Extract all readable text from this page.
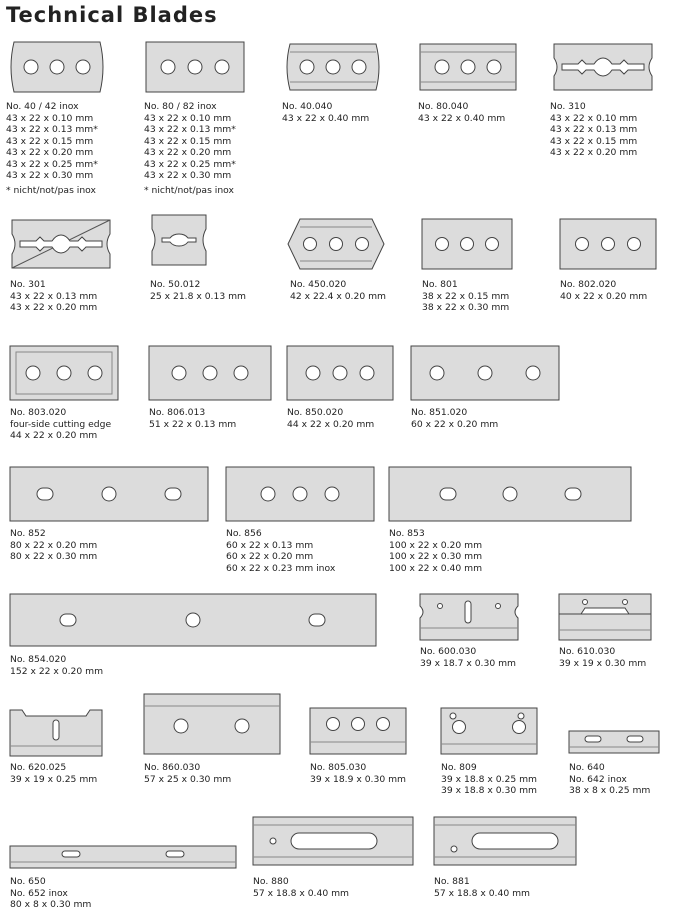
Technical Blades
No. 40 / 42 inox
43 x 22 x 0.10 mm
43 x 22 x 0.13 mm*
43 x 22 x 0.15 mm
43 x 22 x 0.20 mm
43 x 22 x 0.25 mm*
43 x 22 x 0.30 mm
* nicht/not/pas inox
No. 80 / 82 inox
43 x 22 x 0.10 mm
43 x 22 x 0.13 mm*
43 x 22 x 0.15 mm
43 x 22 x 0.20 mm
43 x 22 x 0.25 mm*
43 x 22 x 0.30 mm
* nicht/not/pas inox
No. 40.040
43 x 22 x 0.40 mm
No. 80.040
43 x 22 x 0.40 mm
No. 310
43 x 22 x 0.10 mm
43 x 22 x 0.13 mm
43 x 22 x 0.15 mm
43 x 22 x 0.20 mm
No. 301
43 x 22 x 0.13 mm
43 x 22 x 0.20 mm
No. 50.012
25 x 21.8 x 0.13 mm
No. 450.020
42 x 22.4 x 0.20 mm
No. 801
38 x 22 x 0.15 mm
38 x 22 x 0.30 mm
No. 802.020
40 x 22 x 0.20 mm
No. 803.020
four-side cutting edge
44 x 22 x 0.20 mm
No. 806.013
51 x 22 x 0.13 mm
No. 850.020
44 x 22 x 0.20 mm
No. 851.020
60 x 22 x 0.20 mm
No. 852
80 x 22 x 0.20 mm
80 x 22 x 0.30 mm
No. 856
60 x 22 x 0.13 mm
60 x 22 x 0.20 mm
60 x 22 x 0.23 mm inox
No. 853
100 x 22 x 0.20 mm
100 x 22 x 0.30 mm
100 x 22 x 0.40 mm
No. 854.020
152 x 22 x 0.20 mm
No. 600.030
39 x 18.7 x 0.30 mm
No. 610.030
39 x 19 x 0.30 mm
No. 620.025
39 x 19 x 0.25 mm
No. 860.030
57 x 25 x 0.30 mm
No. 805.030
39 x 18.9 x 0.30 mm
No. 809
39 x 18.8 x 0.25 mm
39 x 18.8 x 0.30 mm
No. 640
No. 642 inox
38 x 8 x 0.25 mm
No. 650
No. 652 inox
80 x 8 x 0.30 mm
No. 880
57 x 18.8 x 0.40 mm
No. 881
57 x 18.8 x 0.40 mm
